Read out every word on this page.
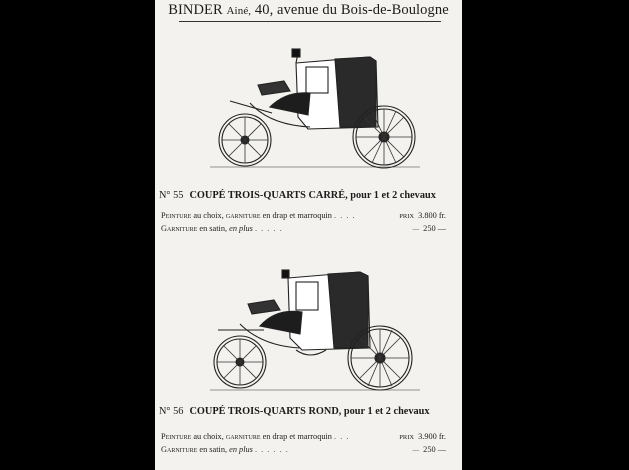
BINDER Ainé, 40, avenue du Bois-de-Boulogne
N° 55 COUPÉ TROIS-QUARTS CARRÉ, pour 1 et 2 chevaux
Peinture au choix, garniture en drap et marroquin . . . .	PRIX 3.800 fr.
Garniture en satin, en plus . . . . .	— 250 —
N° 56 COUPÉ TROIS-QUARTS ROND, pour 1 et 2 chevaux
Peinture au choix, garniture en drap et marroquin . . .	PRIX 3.900 fr.
Garniture en satin, en plus . . . . . .	— 250 —
